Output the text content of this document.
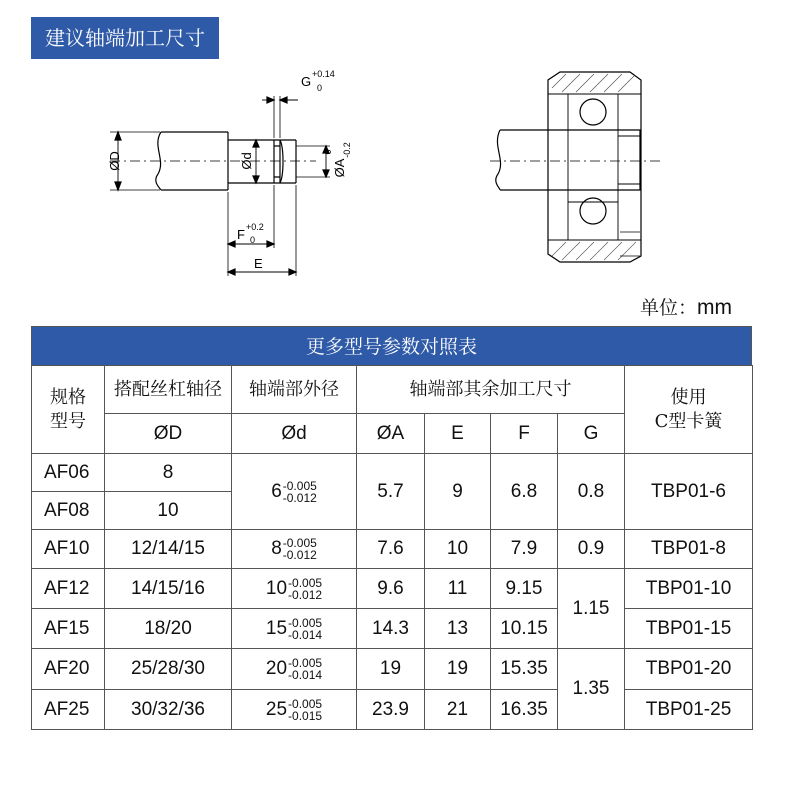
建议轴端加工尺寸
ØD	Ød	ØA
0 -0.2
G +0.14
0
F +0.2
0
E
单位：mm
更多型号参数对照表
规格
型号	搭配丝杠轴径	轴端部外径	轴端部其余加工尺寸				使用
C型卡簧
	ØD	Ød	ØA	E	F	G	
AF06	8	6 -0.005
-0.012	5.7	9	6.8	0.8	TBP01-6
AF08	10						
AF10	12/14/15	8 -0.005
-0.012	7.6	10	7.9	0.9	TBP01-8
AF12	14/15/16	10 -0.005
-0.012	9.6	11	9.15	1.15	TBP01-10
AF15	18/20	15 -0.005
-0.014	14.3	13	10.15		TBP01-15
AF20	25/28/30	20 -0.005
-0.014	19	19	15.35	1.35	TBP01-20
AF25	30/32/36	25 -0.005
-0.015	23.9	21	16.35		TBP01-25
